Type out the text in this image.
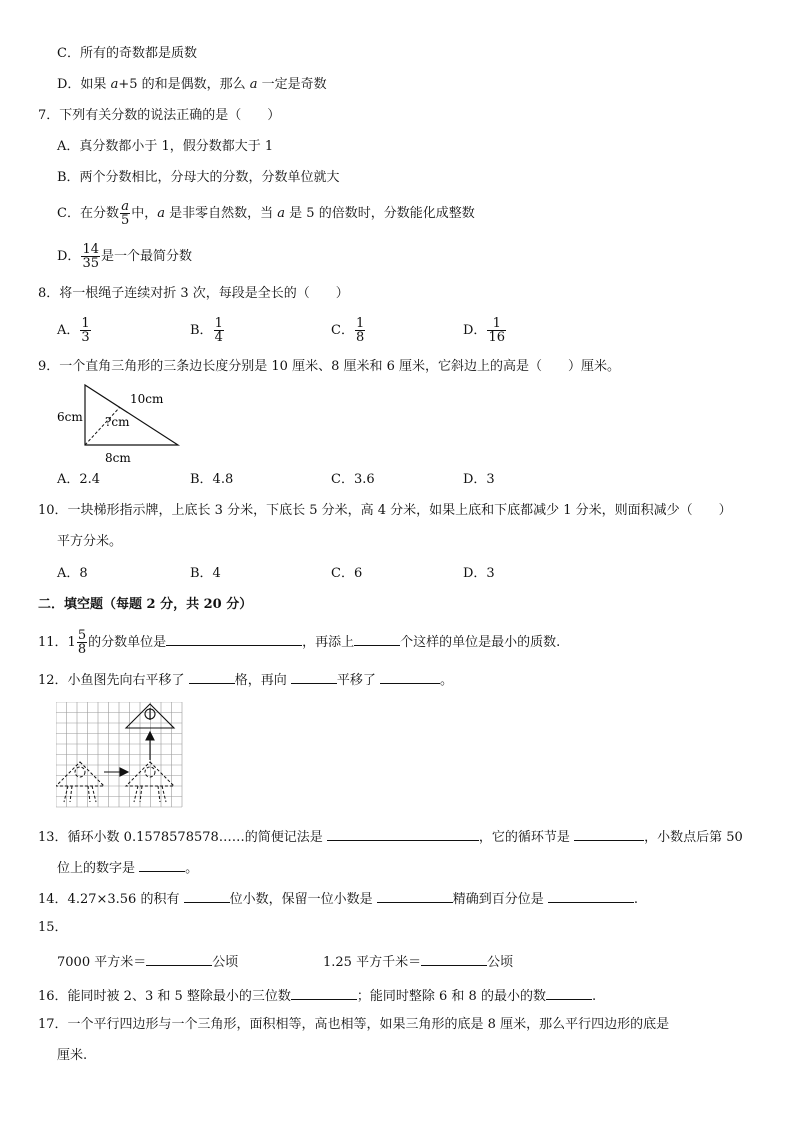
C．所有的奇数都是质数
D．如果 a+5 的和是偶数，那么 a 一定是奇数
7．下列有关分数的说法正确的是（　　）
A．真分数都小于 1，假分数都大于 1
B．两个分数相比，分母大的分数，分数单位就大
C．在分数 $\frac{a}{5}$ 中，a 是非零自然数，当 a 是 5 的倍数时，分数能化成整数
D． $\frac{14}{35}$ 是一个最简分数
8．将一根绳子连续对折 3 次，每段是全长的（　　）
A． $\frac{1}{3}$	B． $\frac{1}{4}$	C． $\frac{1}{8}$	D． $\frac{1}{16}$
9．一个直角三角形的三条边长度分别是 10 厘米、8 厘米和 6 厘米，它斜边上的高是（　　）厘米。
6cm
10cm
?cm
8cm
A．2.4	B．4.8	C．3.6	D．3
10．一块梯形指示牌，上底长 3 分米，下底长 5 分米，高 4 分米，如果上底和下底都减少 1 分米，则面积减少（　　）
平方分米。
A．8	B．4	C．6	D．3
二．填空题（每题 2 分，共 20 分）
11．$1 \frac{5}{8}$ 的分数单位是	，再添上	个这样的单位是最小的质数.
12．小鱼图先向右平移了	格，再向	平移了	。
13．循环小数 0.1578578578……的简便记法是	，它的循环节是	，小数点后第 50
位上的数字是	。
14．4.27×3.56 的积有	位小数，保留一位小数是	精确到百分位是	.
15．
7000 平方米＝	公顷	1.25 平方千米＝	公顷
16．能同时被 2、3 和 5 整除最小的三位数	；能同时整除 6 和 8 的最小的数	.
17．一个平行四边形与一个三角形，面积相等，高也相等，如果三角形的底是 8 厘米，那么平行四边形的底是
厘米.
